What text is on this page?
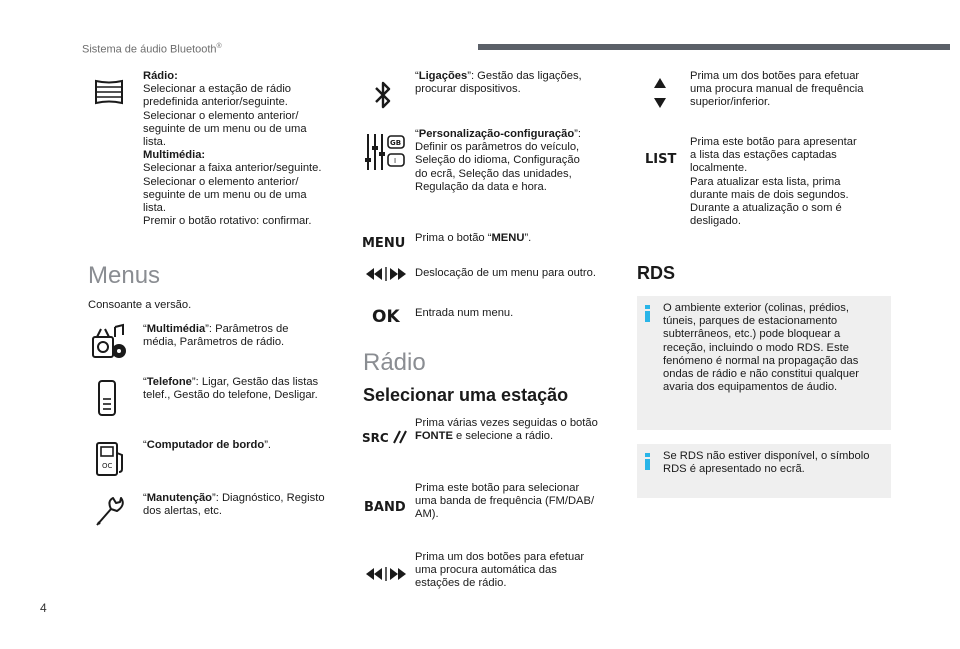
Sistema de áudio Bluetooth®
Rádio:
Selecionar a estação de rádio
predefinida anterior/seguinte.
Selecionar o elemento anterior/
seguinte de um menu ou de uma
lista.
Multimédia:
Selecionar a faixa anterior/seguinte.
Selecionar o elemento anterior/
seguinte de um menu ou de uma
lista.
Premir o botão rotativo: confirmar.
Menus
Consoante a versão.
“Multimédia”: Parâmetros de
média, Parâmetros de rádio.
“Telefone”: Ligar, Gestão das listas
telef., Gestão do telefone, Desligar.
OC
“Computador de bordo”.
“Manutenção”: Diagnóstico, Registo
dos alertas, etc.
“Ligações”: Gestão das ligações,
procurar dispositivos.
GB
I
“Personalização-configuração”:
Definir os parâmetros do veículo,
Seleção do idioma, Configuração
do ecrã, Seleção das unidades,
Regulação da data e hora.
MENU Prima o botão “MENU”.
Deslocação de um menu para outro.
OK Entrada num menu.
Rádio
Selecionar uma estação
SRC
Prima várias vezes seguidas o botão
FONTE e selecione a rádio.
BAND
Prima este botão para selecionar
uma banda de frequência (FM/DAB/
AM).
Prima um dos botões para efetuar
uma procura automática das
estações de rádio.
Prima um dos botões para efetuar
uma procura manual de frequência
superior/inferior.
LIST
Prima este botão para apresentar
a lista das estações captadas
localmente.
Para atualizar esta lista, prima
durante mais de dois segundos.
Durante a atualização o som é
desligado.
RDS
O ambiente exterior (colinas, prédios,
túneis, parques de estacionamento
subterrâneos, etc.) pode bloquear a
receção, incluindo o modo RDS. Este
fenómeno é normal na propagação das
ondas de rádio e não constitui qualquer
avaria dos equipamentos de áudio.
Se RDS não estiver disponível, o símbolo
RDS é apresentado no ecrã.
4
